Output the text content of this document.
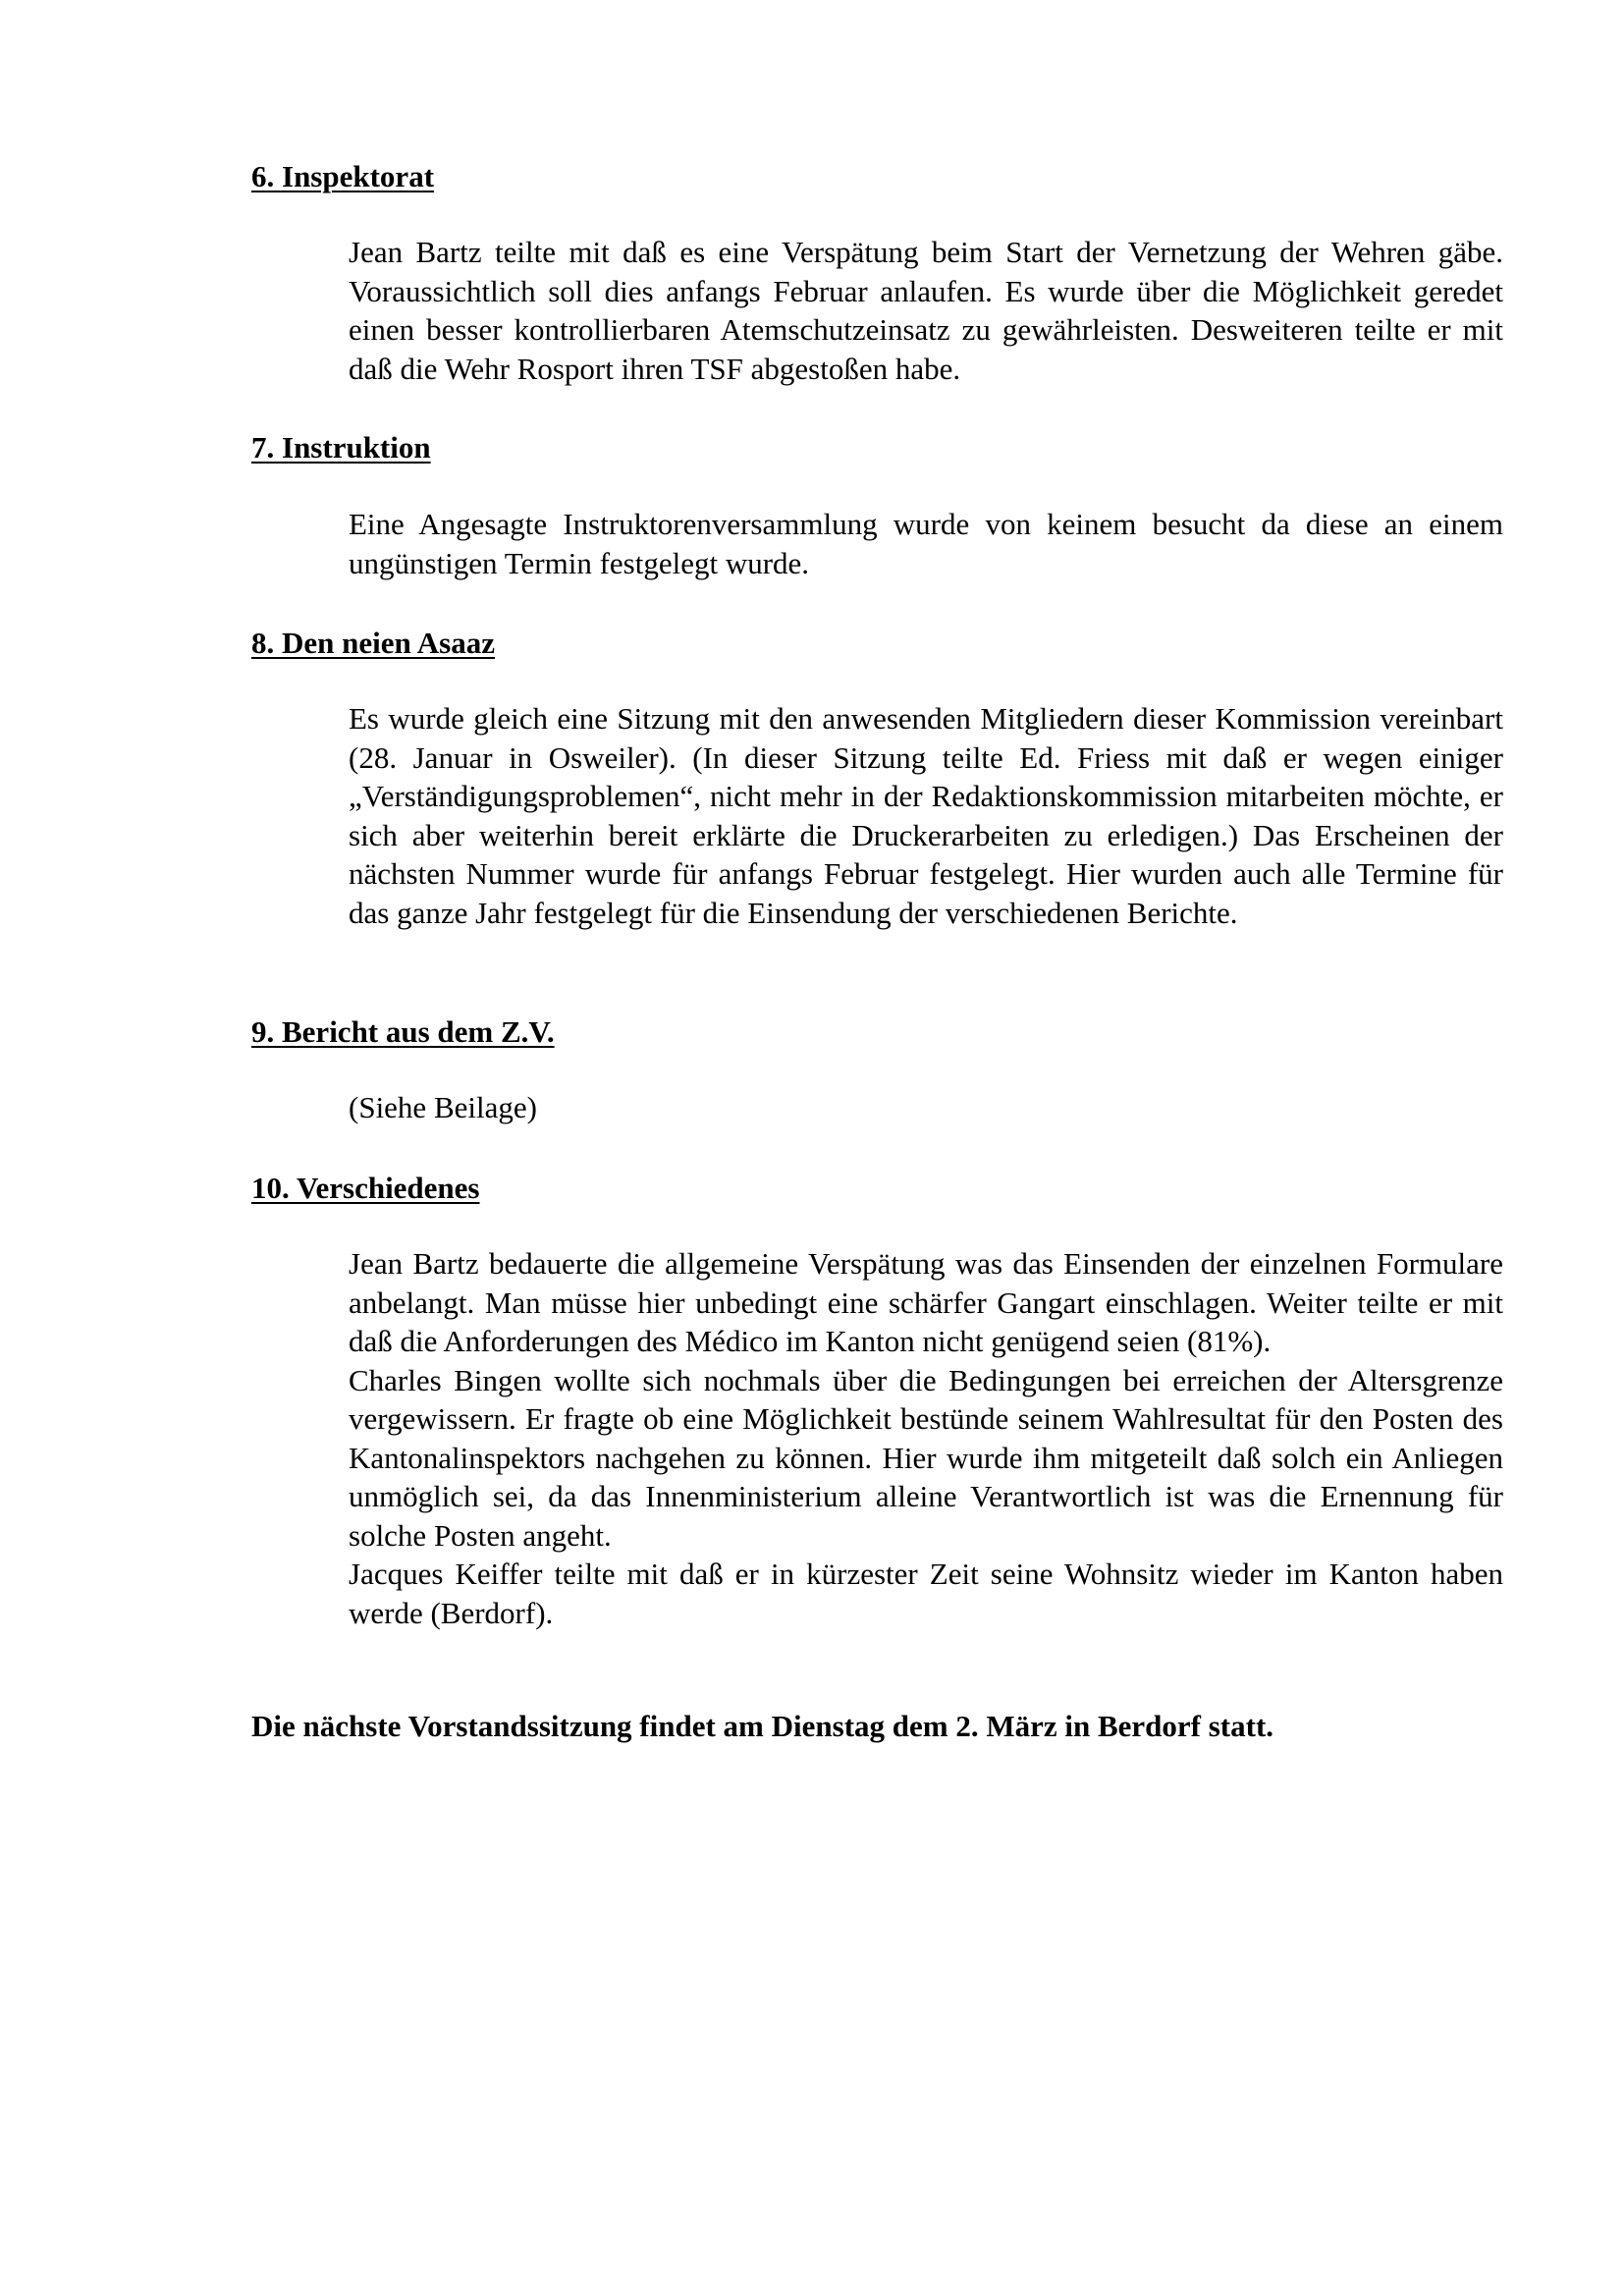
6. Inspektorat

Jean Bartz teilte mit daß es eine Verspätung beim Start der Vernetzung der Wehren gäbe. Voraussichtlich soll dies anfangs Februar anlaufen. Es wurde über die Möglichkeit geredet einen besser kontrollierbaren Atemschutzeinsatz zu gewährleisten. Desweiteren teilte er mit daß die Wehr Rosport ihren TSF abgestoßen habe.

7. Instruktion

Eine Angesagte Instruktorenversammlung wurde von keinem besucht da diese an einem ungünstigen Termin festgelegt wurde.

8. Den neien Asaaz

Es wurde gleich eine Sitzung mit den anwesenden Mitgliedern dieser Kommission vereinbart (28. Januar in Osweiler). (In dieser Sitzung teilte Ed. Friess mit daß er wegen einiger „Verständigungsproblemen“, nicht mehr in der Redaktionskommission mitarbeiten möchte, er sich aber weiterhin bereit erklärte die Druckerarbeiten zu erledigen.) Das Erscheinen der nächsten Nummer wurde für anfangs Februar festgelegt. Hier wurden auch alle Termine für das ganze Jahr festgelegt für die Einsendung der verschiedenen Berichte.

9. Bericht aus dem Z.V.

(Siehe Beilage)

10. Verschiedenes

Jean Bartz bedauerte die allgemeine Verspätung was das Einsenden der einzelnen Formulare anbelangt. Man müsse hier unbedingt eine schärfer Gangart einschlagen. Weiter teilte er mit daß die Anforderungen des Médico im Kanton nicht genügend seien (81%).

Charles Bingen wollte sich nochmals über die Bedingungen bei erreichen der Altersgrenze vergewissern. Er fragte ob eine Möglichkeit bestünde seinem Wahlresultat für den Posten des Kantonalinspektors nachgehen zu können. Hier wurde ihm mitgeteilt daß solch ein Anliegen unmöglich sei, da das Innenministerium alleine Verantwortlich ist was die Ernennung für solche Posten angeht.

Jacques Keiffer teilte mit daß er in kürzester Zeit seine Wohnsitz wieder im Kanton haben werde (Berdorf).

Die nächste Vorstandssitzung findet am Dienstag dem 2. März in Berdorf statt.
